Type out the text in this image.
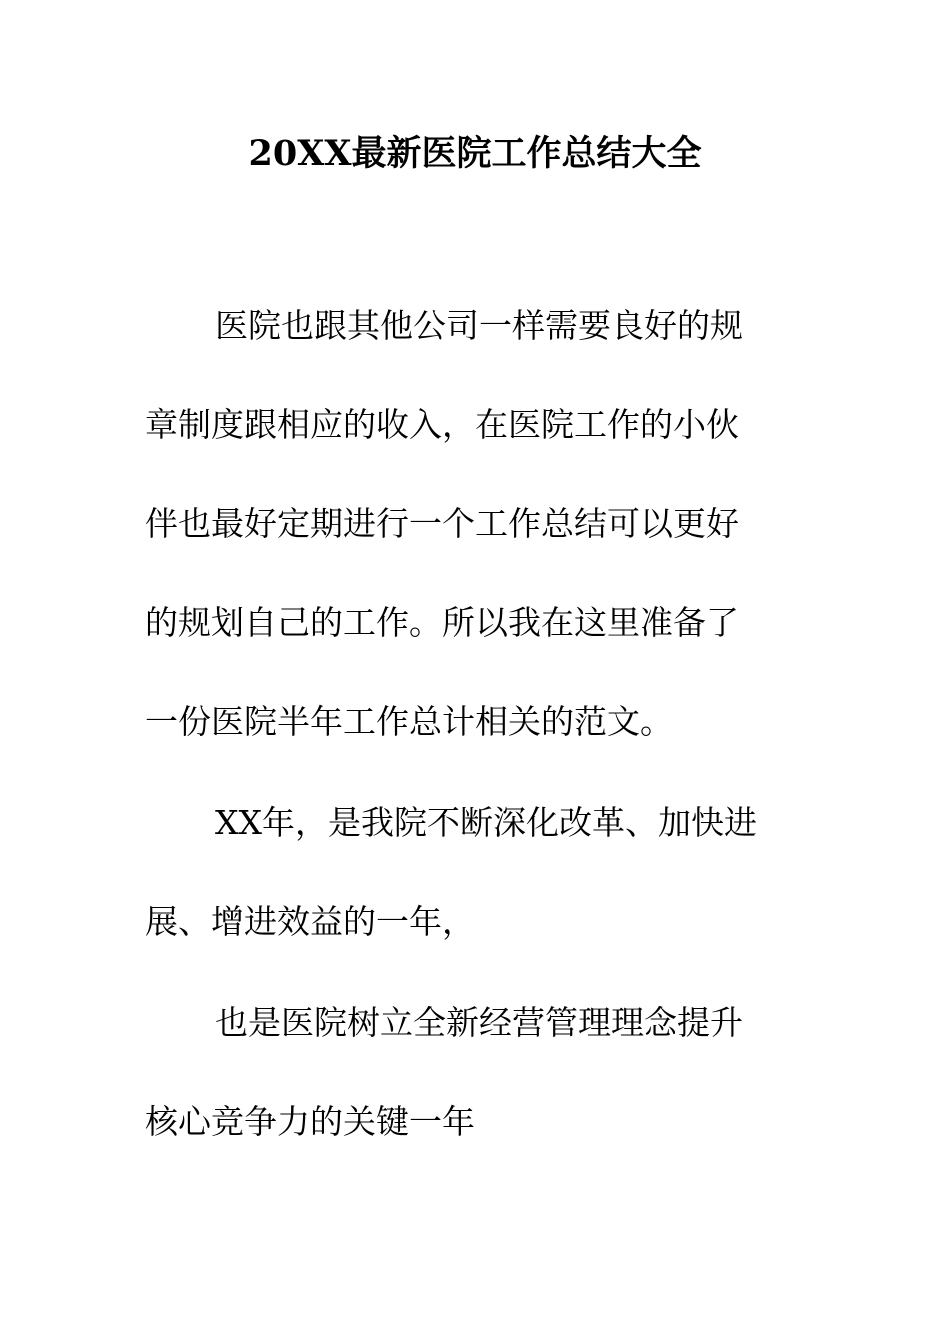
20XX最新医院工作总结大全
医院也跟其他公司一样需要良好的规
章制度跟相应的收入，在医院工作的小伙
伴也最好定期进行一个工作总结可以更好
的规划自己的工作。所以我在这里准备了
一份医院半年工作总计相关的范文。
XX年，是我院不断深化改革、加快进
展、增进效益的一年，
也是医院树立全新经营管理理念提升
核心竞争力的关键一年
